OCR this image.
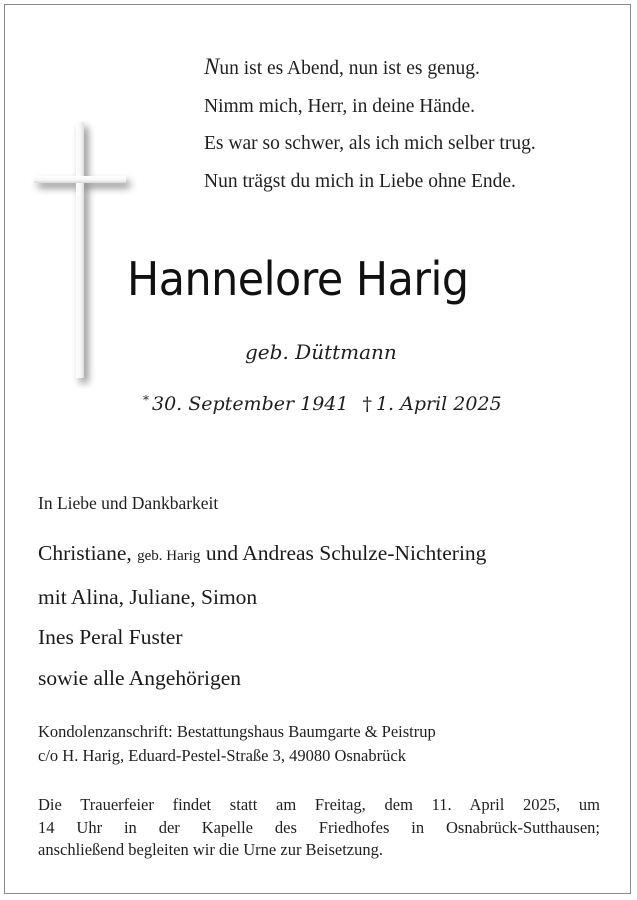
Nun ist es Abend, nun ist es genug.
Nimm mich, Herr, in deine Hände.
Es war so schwer, als ich mich selber trug.
Nun trägst du mich in Liebe ohne Ende.
Hannelore Harig
geb. Düttmann
* 30. September 1941 † 1. April 2025
In Liebe und Dankbarkeit
Christiane, geb. Harig und Andreas Schulze-Nichtering
mit Alina, Juliane, Simon
Ines Peral Fuster
sowie alle Angehörigen
Kondolenzanschrift: Bestattungshaus Baumgarte & Peistrup
c/o H. Harig, Eduard-Pestel-Straße 3, 49080 Osnabrück
Die Trauerfeier findet statt am Freitag, dem 11. April 2025, um
14 Uhr in der Kapelle des Friedhofes in Osnabrück-Sutthausen;
anschließend begleiten wir die Urne zur Beisetzung.
